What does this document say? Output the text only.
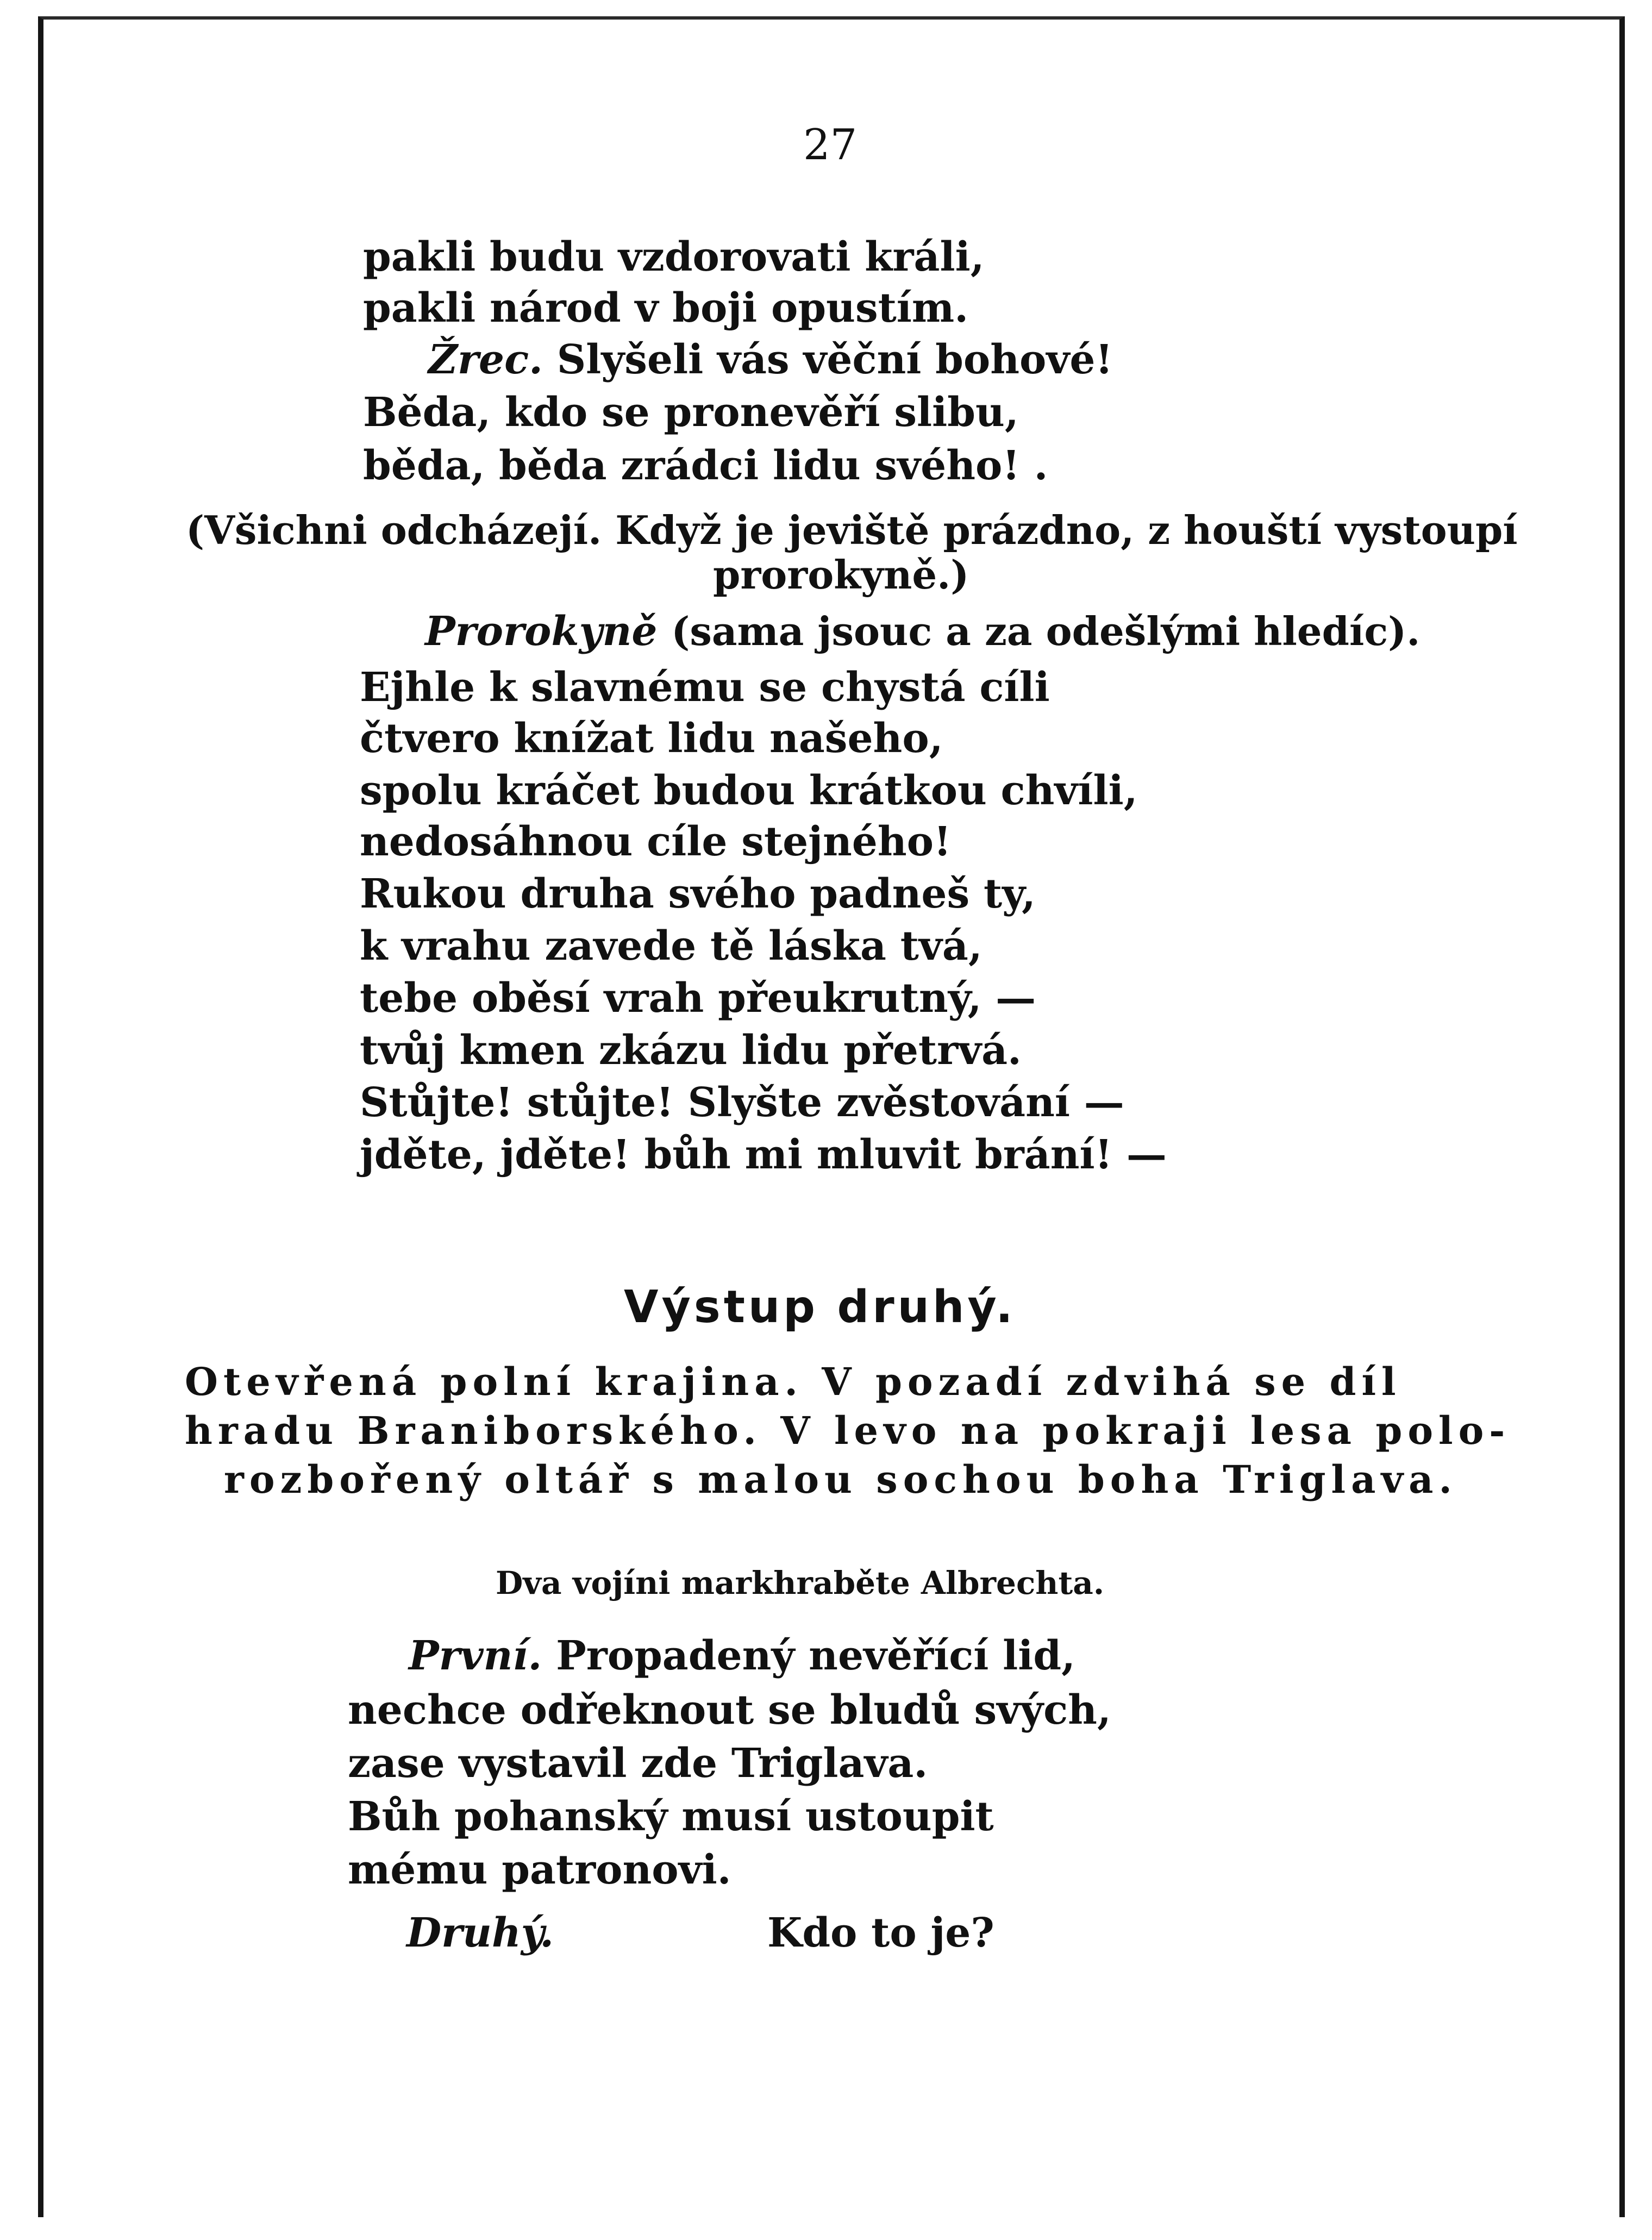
27
pakli budu vzdorovati králi,
pakli národ v boji opustím.
Žrec. Slyšeli vás věční bohové!
Běda, kdo se pronevěří slibu,
běda, běda zrádci lidu svého! .
(Všichni odcházejí. Když je jeviště prázdno, z houští vystoupí
prorokyně.)
Prorokyně (sama jsouc a za odešlými hledíc).
Ejhle k slavnému se chystá cíli
čtvero knížat lidu našeho,
spolu kráčet budou krátkou chvíli,
nedosáhnou cíle stejného!
Rukou druha svého padneš ty,
k vrahu zavede tě láska tvá,
tebe oběsí vrah přeukrutný, —
tvůj kmen zkázu lidu přetrvá.
Stůjte! stůjte! Slyšte zvěstování —
jděte, jděte! bůh mi mluvit brání! —
Výstup druhý.
Otevřená polní krajina. V pozadí zdvihá se díl
hradu Braniborského. V levo na pokraji lesa polo-
rozbořený oltář s malou sochou boha Triglava.
Dva vojíni markhraběte Albrechta.
První. Propadený nevěřící lid,
nechce odřeknout se bludů svých,
zase vystavil zde Triglava.
Bůh pohanský musí ustoupit
mému patronovi.
Druhý.	Kdo to je?
